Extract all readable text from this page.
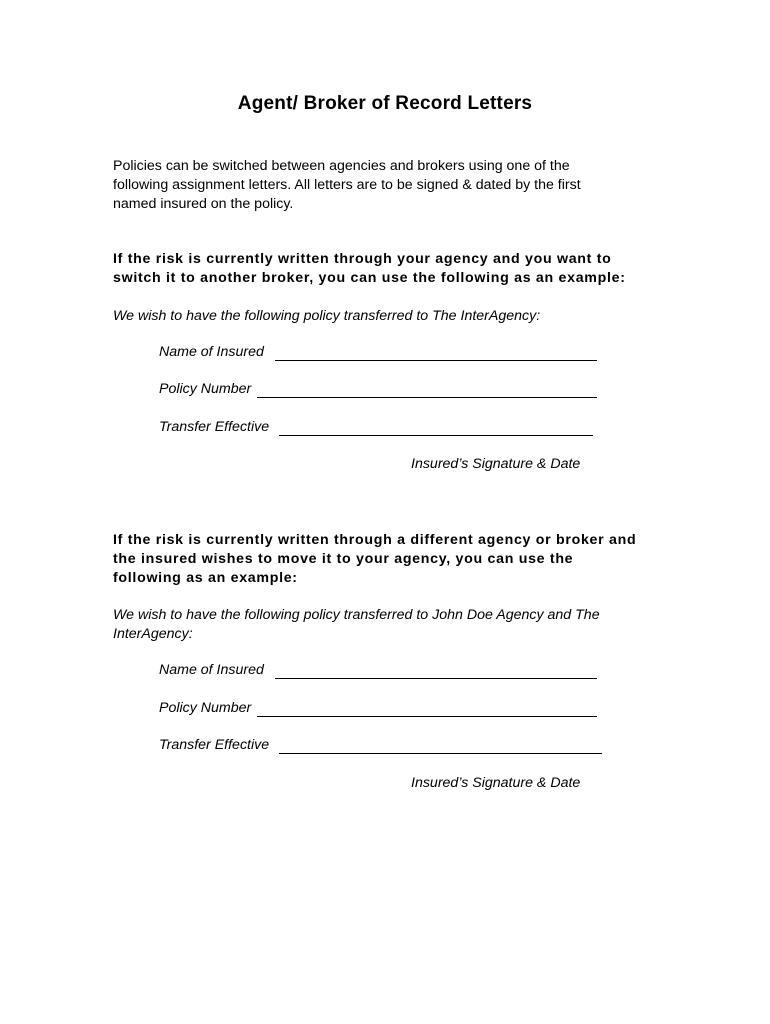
Agent/ Broker of Record Letters
Policies can be switched between agencies and brokers using one of the
following assignment letters. All letters are to be signed & dated by the first
named insured on the policy.
If the risk is currently written through your agency and you want to
switch it to another broker, you can use the following as an example:
We wish to have the following policy transferred to The InterAgency:
Name of Insured
Policy Number
Transfer Effective
Insured’s Signature & Date
If the risk is currently written through a different agency or broker and
the insured wishes to move it to your agency, you can use the
following as an example:
We wish to have the following policy transferred to John Doe Agency and The
InterAgency:
Name of Insured
Policy Number
Transfer Effective
Insured’s Signature & Date
